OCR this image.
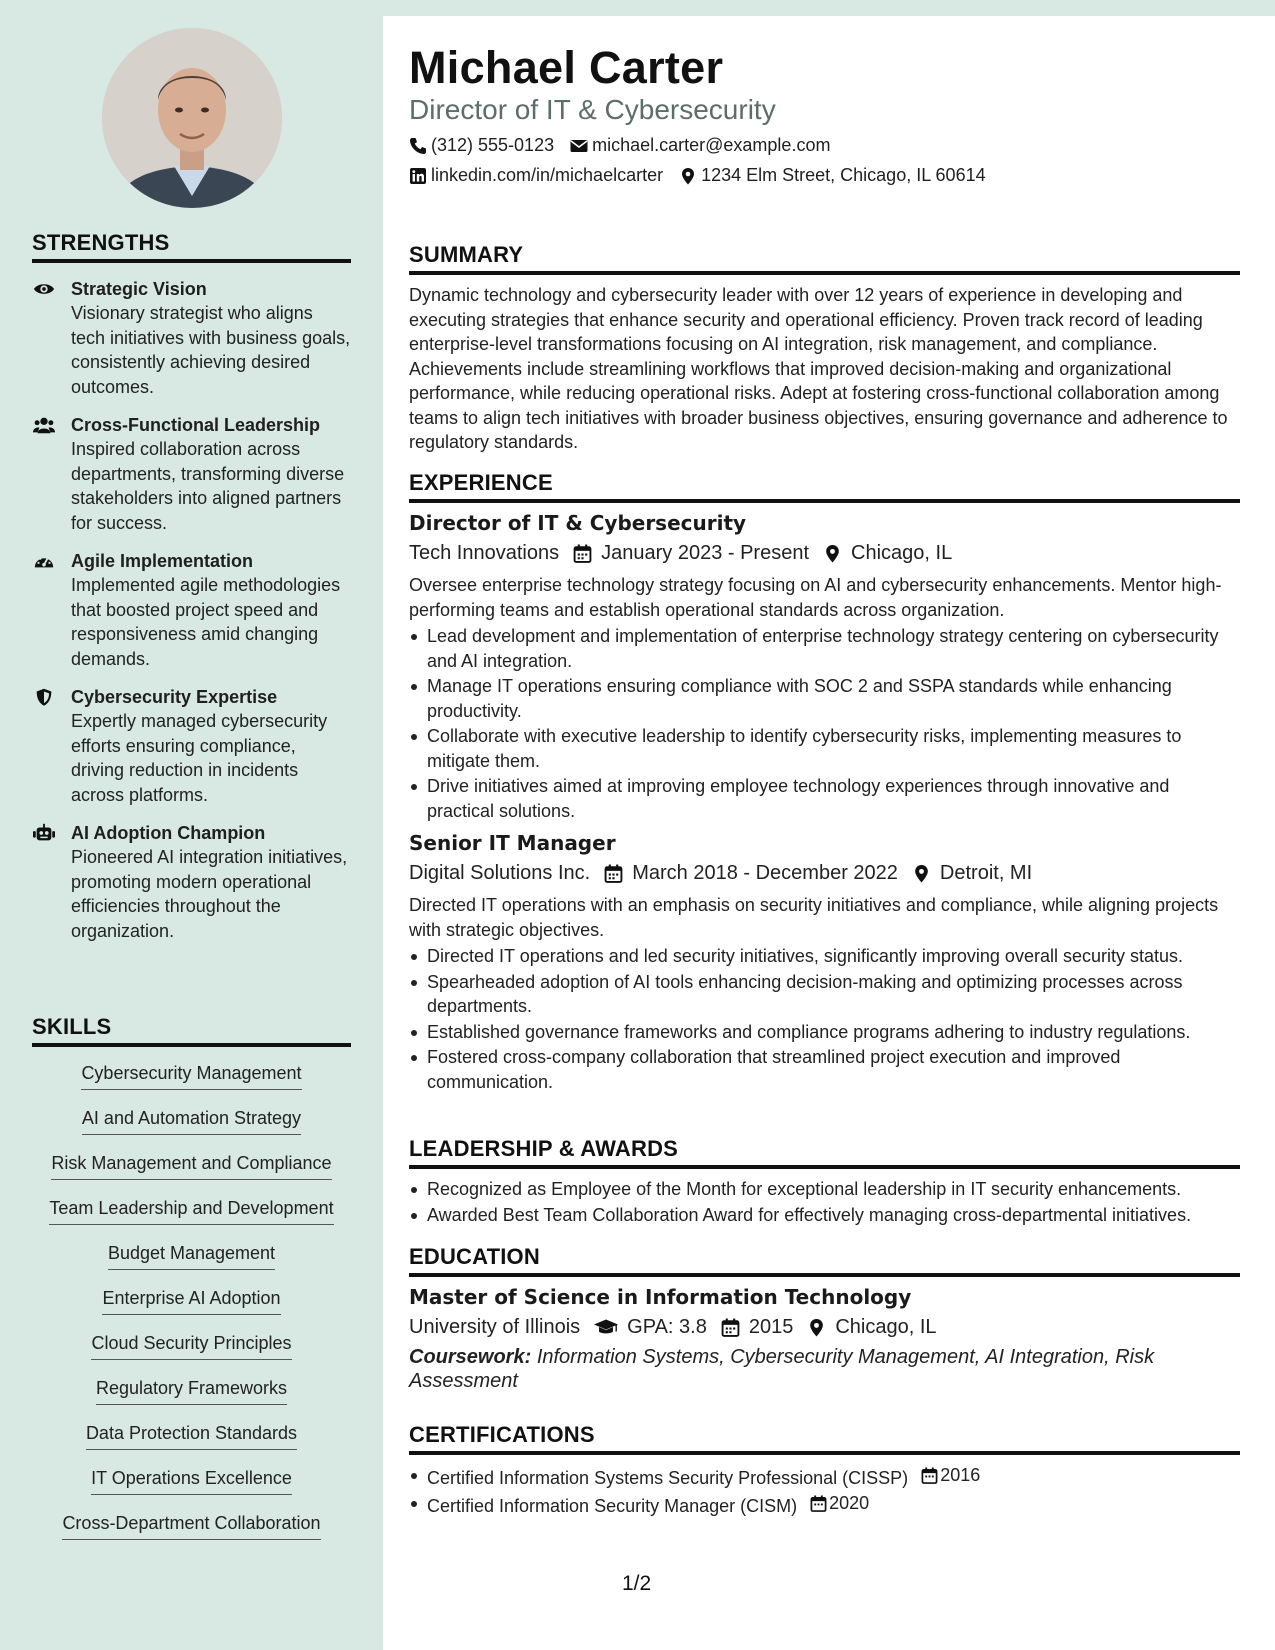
STRENGTHS
Strategic Vision
Visionary strategist who aligns tech initiatives with business goals, consistently achieving desired outcomes.
Cross-Functional Leadership
Inspired collaboration across departments, transforming diverse stakeholders into aligned partners for success.
Agile Implementation
Implemented agile methodologies that boosted project speed and responsiveness amid changing demands.
Cybersecurity Expertise
Expertly managed cybersecurity efforts ensuring compliance, driving reduction in incidents across platforms.
AI Adoption Champion
Pioneered AI integration initiatives, promoting modern operational efficiencies throughout the organization.
SKILLS
Cybersecurity Management
AI and Automation Strategy
Risk Management and Compliance
Team Leadership and Development
Budget Management
Enterprise AI Adoption
Cloud Security Principles
Regulatory Frameworks
Data Protection Standards
IT Operations Excellence
Cross-Department Collaboration
Michael Carter
Director of IT & Cybersecurity
(312) 555-0123 michael.carter@example.com
linkedin.com/in/michaelcarter 1234 Elm Street, Chicago, IL 60614
SUMMARY
Dynamic technology and cybersecurity leader with over 12 years of experience in developing and executing strategies that enhance security and operational efficiency. Proven track record of leading enterprise-level transformations focusing on AI integration, risk management, and compliance. Achievements include streamlining workflows that improved decision-making and organizational performance, while reducing operational risks. Adept at fostering cross-functional collaboration among teams to align tech initiatives with broader business objectives, ensuring governance and adherence to regulatory standards.
EXPERIENCE
Director of IT & Cybersecurity
Tech Innovations January 2023 - Present Chicago, IL
Oversee enterprise technology strategy focusing on AI and cybersecurity enhancements. Mentor high-performing teams and establish operational standards across organization.
Lead development and implementation of enterprise technology strategy centering on cybersecurity and AI integration.
Manage IT operations ensuring compliance with SOC 2 and SSPA standards while enhancing productivity.
Collaborate with executive leadership to identify cybersecurity risks, implementing measures to mitigate them.
Drive initiatives aimed at improving employee technology experiences through innovative and practical solutions.
Senior IT Manager
Digital Solutions Inc. March 2018 - December 2022 Detroit, MI
Directed IT operations with an emphasis on security initiatives and compliance, while aligning projects with strategic objectives.
Directed IT operations and led security initiatives, significantly improving overall security status.
Spearheaded adoption of AI tools enhancing decision-making and optimizing processes across departments.
Established governance frameworks and compliance programs adhering to industry regulations.
Fostered cross-company collaboration that streamlined project execution and improved communication.
LEADERSHIP & AWARDS
Recognized as Employee of the Month for exceptional leadership in IT security enhancements.
Awarded Best Team Collaboration Award for effectively managing cross-departmental initiatives.
EDUCATION
Master of Science in Information Technology
University of Illinois GPA: 3.8 2015 Chicago, IL
Coursework: Information Systems, Cybersecurity Management, AI Integration, Risk Assessment
CERTIFICATIONS
Certified Information Systems Security Professional (CISSP) 2016
Certified Information Security Manager (CISM) 2020
1/2
